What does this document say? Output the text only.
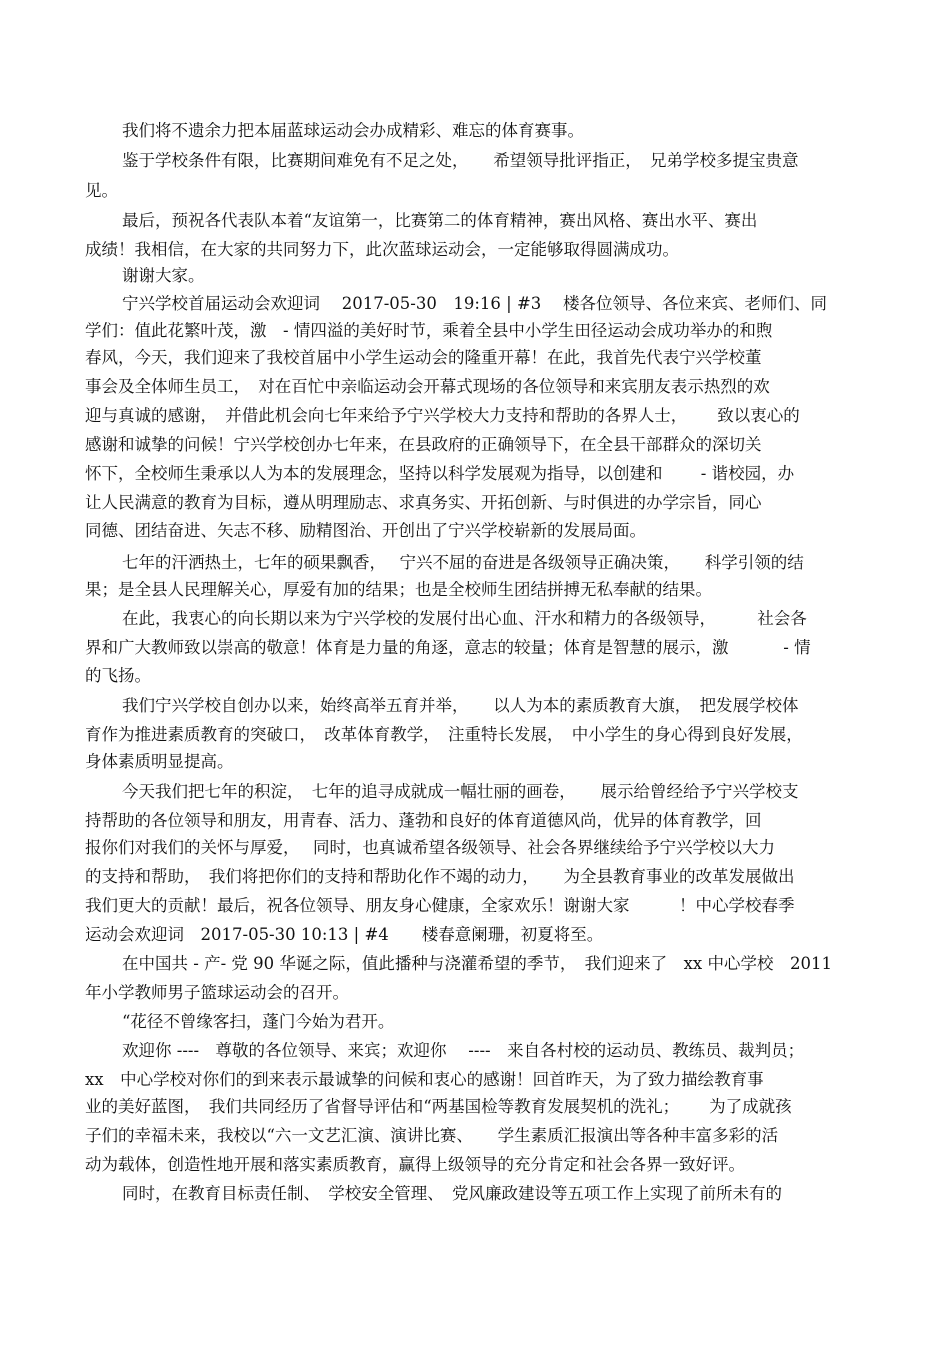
我们将不遗余力把本届蓝球运动会办成精彩、难忘的体育赛事。
鉴于学校条件有限，比赛期间难免有不足之处，　　希望领导批评指正，　兄弟学校多提宝贵意
见。
最后，预祝各代表队本着“友谊第一，比赛第二的体育精神，赛出风格、赛出水平、赛出
成绩！我相信，在大家的共同努力下，此次蓝球运动会，一定能够取得圆满成功。
谢谢大家。
宁兴学校首届运动会欢迎词　 2017-05-30　19:16 | #3　 楼各位领导、各位来宾、老师们、同
学们：值此花繁叶茂，激　- 情四溢的美好时节，乘着全县中小学生田径运动会成功举办的和煦
春风，今天，我们迎来了我校首届中小学生运动会的隆重开幕！在此，我首先代表宁兴学校董
事会及全体师生员工，　对在百忙中亲临运动会开幕式现场的各位领导和来宾朋友表示热烈的欢
迎与真诚的感谢，　并借此机会向七年来给予宁兴学校大力支持和帮助的各界人士，　　 致以衷心的
感谢和诚挚的问候！宁兴学校创办七年来，在县政府的正确领导下，在全县干部群众的深切关
怀下，全校师生秉承以人为本的发展理念，坚持以科学发展观为指导，以创建和　　 - 谐校园，办
让人民满意的教育为目标，遵从明理励志、求真务实、开拓创新、与时俱进的办学宗旨，同心
同德、团结奋进、矢志不移、励精图治、开创出了宁兴学校崭新的发展局面。
七年的汗洒热土，七年的硕果飘香，　 宁兴不屈的奋进是各级领导正确决策，　　科学引领的结
果；是全县人民理解关心，厚爱有加的结果；也是全校师生团结拼搏无私奉献的结果。
在此，我衷心的向长期以来为宁兴学校的发展付出心血、汗水和精力的各级领导，　　　社会各
界和广大教师致以崇高的敬意！体育是力量的角逐，意志的较量；体育是智慧的展示，激　　　 - 情
的飞扬。
我们宁兴学校自创办以来，始终高举五育并举，　　以人为本的素质教育大旗，　把发展学校体
育作为推进素质教育的突破口，　改革体育教学，　注重特长发展，　中小学生的身心得到良好发展，
身体素质明显提高。
今天我们把七年的积淀，　七年的追寻成就成一幅壮丽的画卷，　　展示给曾经给予宁兴学校支
持帮助的各位领导和朋友，用青春、活力、蓬勃和良好的体育道德风尚，优异的体育教学，回
报你们对我们的关怀与厚爱，　 同时，也真诚希望各级领导、社会各界继续给予宁兴学校以大力
的支持和帮助，　我们将把你们的支持和帮助化作不竭的动力，　　为全县教育事业的改革发展做出
我们更大的贡献！最后，祝各位领导、朋友身心健康，全家欢乐！谢谢大家　　　！中心学校春季
运动会欢迎词　2017-05-30 10:13 | #4　　楼春意阑珊，初夏将至。
在中国共 - 产- 党 90 华诞之际，值此播种与浇灌希望的季节，　我们迎来了　xx 中心学校　2011
年小学教师男子篮球运动会的召开。
“花径不曾缘客扫，蓬门今始为君开。
欢迎你 ----　尊敬的各位领导、来宾；欢迎你　 ----　来自各村校的运动员、教练员、裁判员；
xx　中心学校对你们的到来表示最诚挚的问候和衷心的感谢！回首昨天，为了致力描绘教育事
业的美好蓝图，　我们共同经历了省督导评估和“两基国检等教育发展契机的洗礼；　　 为了成就孩
子们的幸福未来，我校以“六一文艺汇演、演讲比赛、　　学生素质汇报演出等各种丰富多彩的活
动为载体，创造性地开展和落实素质教育，赢得上级领导的充分肯定和社会各界一致好评。
同时，在教育目标责任制、　学校安全管理、　党风廉政建设等五项工作上实现了前所未有的
